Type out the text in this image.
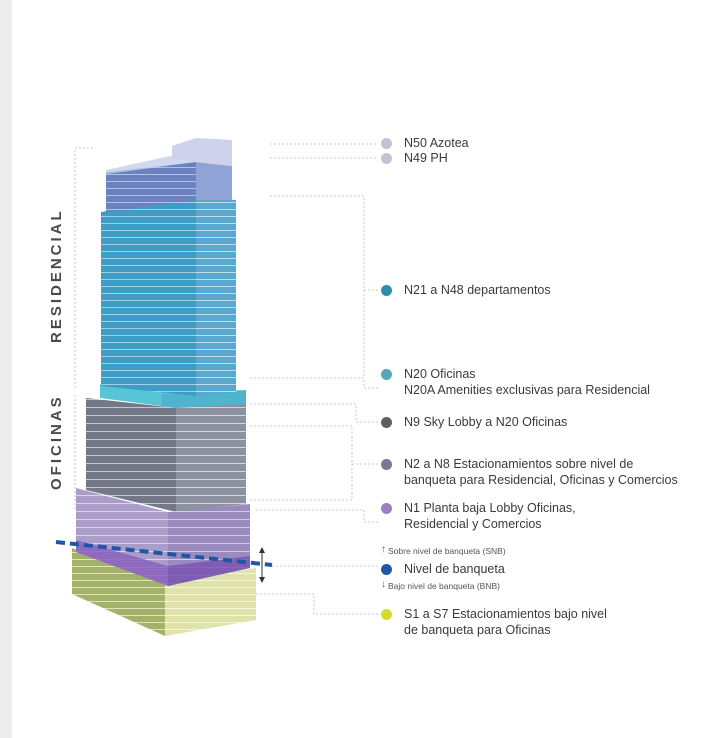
RESIDENCIAL
OFICINAS
N50 Azotea
N49 PH
N21 a N48 departamentos
N20 Oficinas
N20A Amenities exclusivas para Residencial
N9 Sky Lobby a N20 Oficinas
N2 a N8 Estacionamientos sobre nivel de
banqueta para Residencial, Oficinas y Comercios
N1 Planta baja Lobby Oficinas,
Residencial y Comercios
↑ Sobre nivel de banqueta (SNB)
Nivel de banqueta
↓ Bajo nivel de banqueta (BNB)
S1 a S7 Estacionamientos bajo nivel
de banqueta para Oficinas
